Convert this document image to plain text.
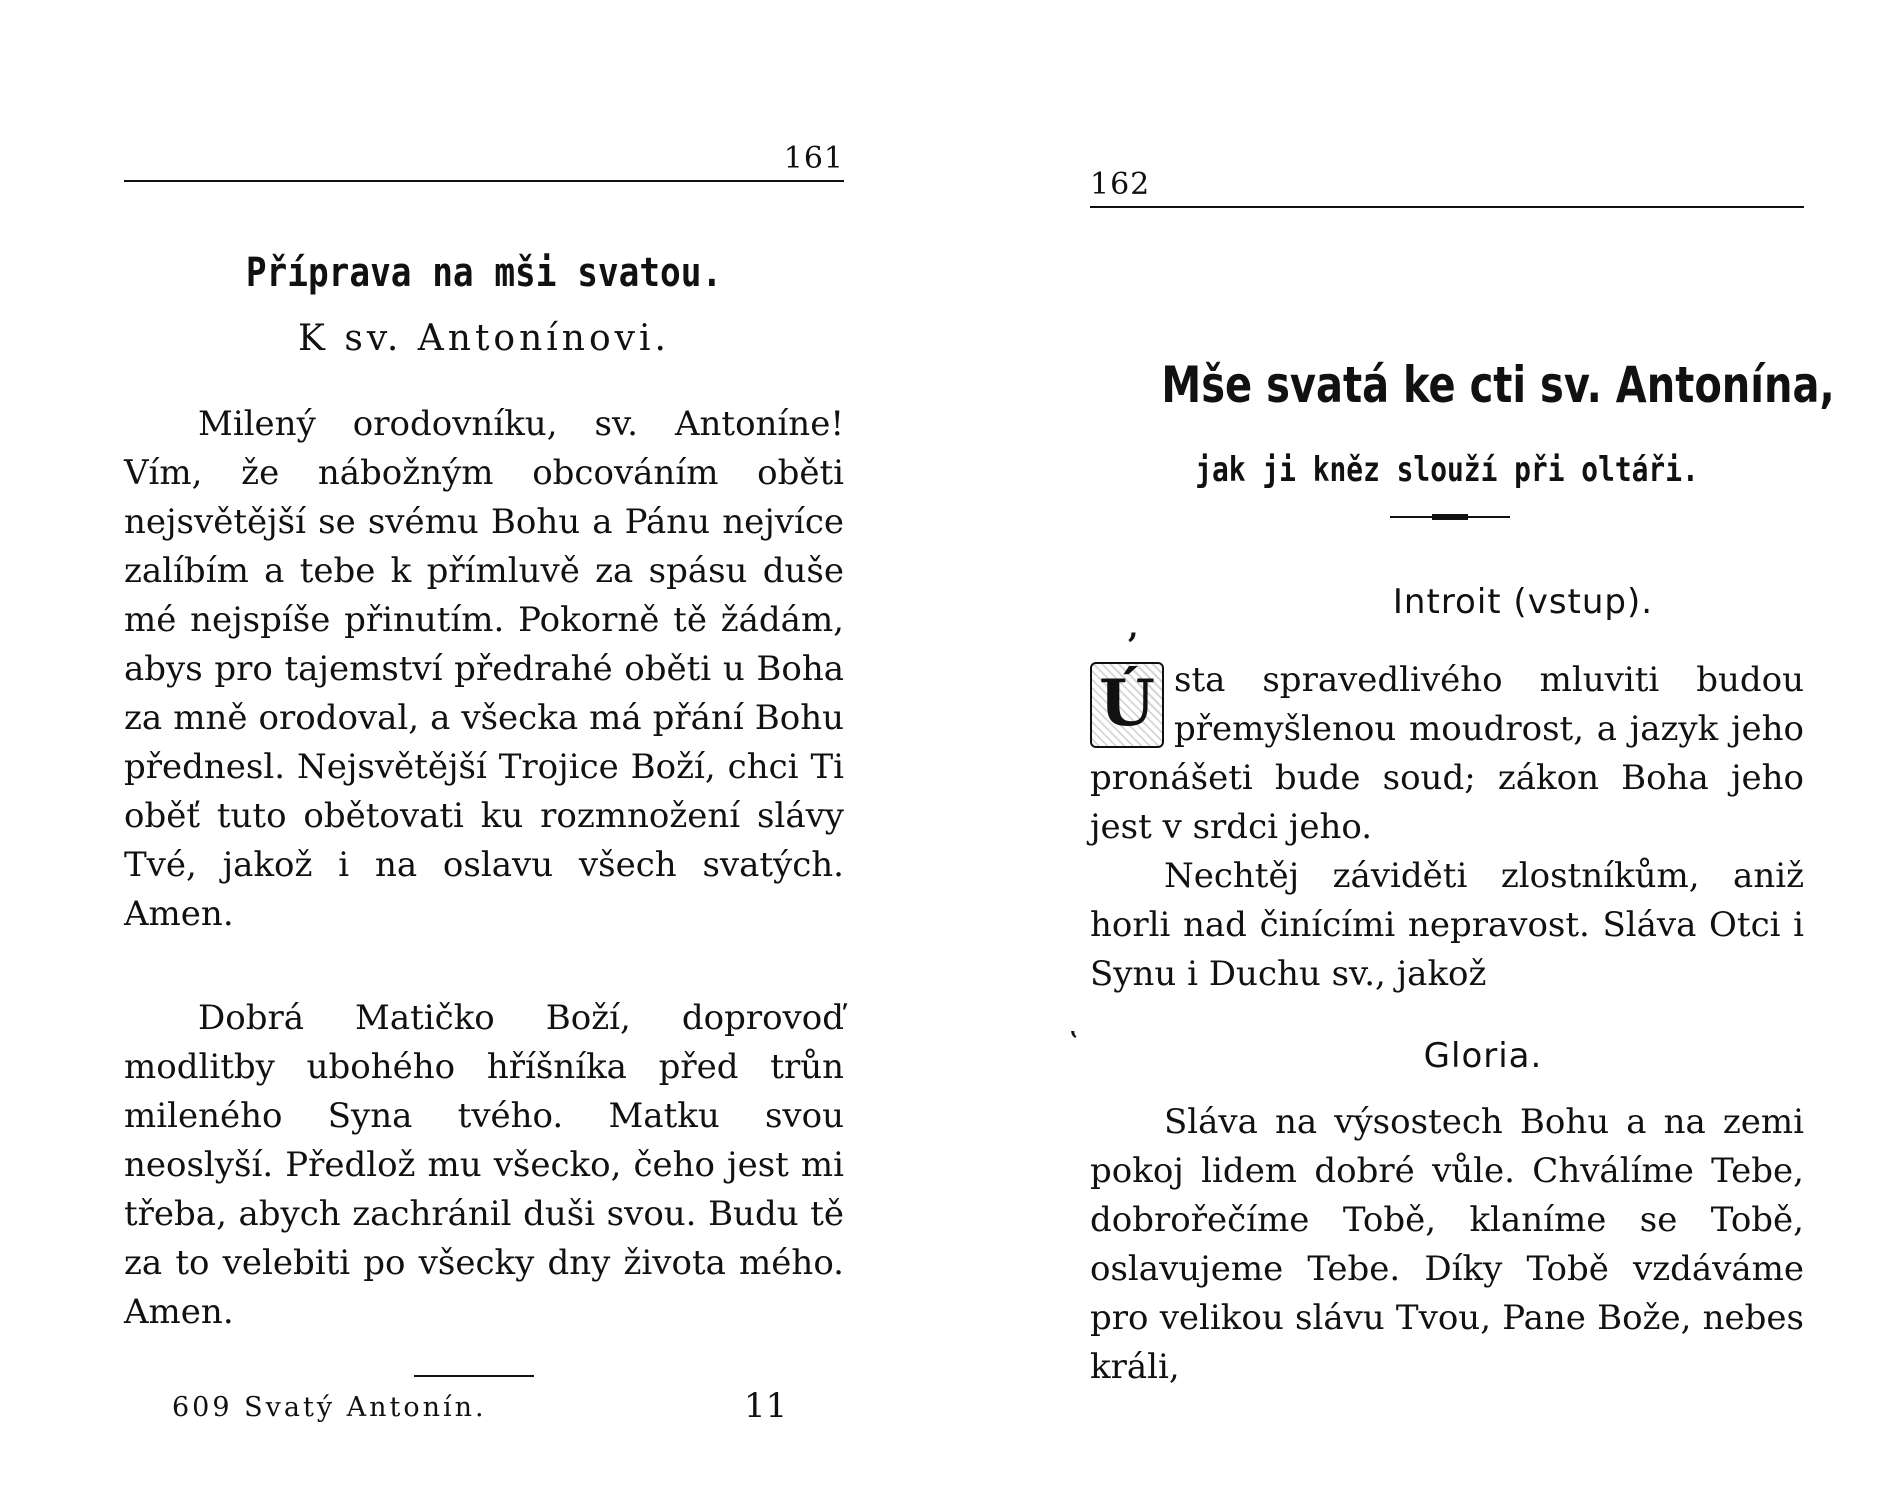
161
Příprava na mši svatou.
K sv. Antonínovi.
Milený orodovníku, sv. Antoníne! Vím, že nábožným obcováním oběti nejsvětější se svému Bohu a Pánu nejvíce zalíbím a tebe k přímluvě za spásu duše mé nejspíše přinutím. Pokorně tě žádám, abys pro tajemství předrahé oběti u Boha za mně orodoval, a všecka má přání Bohu přednesl. Nejsvětější Trojice Boží, chci Ti oběť tuto obětovati ku rozmnožení slávy Tvé, jakož i na oslavu všech svatých. Amen.
Dobrá Matičko Boží, doprovoď modlitby ubohého hříšníka před trůn mileného Syna tvého. Matku svou neoslyší. Předlož mu všecko, čeho jest mi třeba, abych zachránil duši svou. Budu tě za to velebiti po všecky dny života mého. Amen.
609 Svatý Antonín.	11
162
Mše svatá ke cti sv. Antonína,
jak ji kněz slouží při oltáři.
,
Introit (vstup).
Ú sta spravedlivého mluviti budou přemyšlenou moudrost, a jazyk jeho pronášeti bude soud; zákon Boha jeho jest v srdci jeho.
Nechtěj záviděti zlostníkům, aniž horli nad činícími nepravost. Sláva Otci i Synu i Duchu sv., jakož
‛	Gloria.
Sláva na výsostech Bohu a na zemi pokoj lidem dobré vůle. Chválíme Tebe, dobrořečíme Tobě, klaníme se Tobě, oslavujeme Tebe. Díky Tobě vzdáváme pro velikou slávu Tvou, Pane Bože, nebes králi,
